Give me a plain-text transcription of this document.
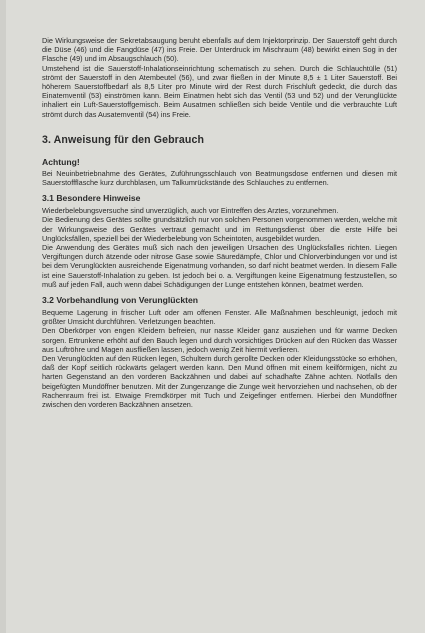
Die Wirkungsweise der Sekretabsaugung beruht ebenfalls auf dem Injektorprinzip. Der Sauerstoff geht durch die Düse (46) und die Fangdüse (47) ins Freie. Der Unterdruck im Mischraum (48) bewirkt einen Sog in der Flasche (49) und im Absaugschlauch (50).

Umstehend ist die Sauerstoff-Inhalationseinrichtung schematisch zu sehen. Durch die Schlauchtülle (51) strömt der Sauerstoff in den Atembeutel (56), und zwar fließen in der Minute 8,5 ± 1 Liter Sauerstoff. Bei höherem Sauerstoffbedarf als 8,5 Liter pro Minute wird der Rest durch Frischluft gedeckt, die durch das Einatemventil (53) einströmen kann. Beim Einatmen hebt sich das Ventil (53 und 52) und der Verunglückte inhaliert ein Luft-Sauerstoffgemisch. Beim Ausatmen schließen sich beide Ventile und die verbrauchte Luft strömt durch das Ausatemventil (54) ins Freie.

3. Anweisung für den Gebrauch
Achtung!

Bei Neuinbetriebnahme des Gerätes, Zuführungsschlauch von Beatmungsdose entfernen und diesen mit Sauerstoffflasche kurz durchblasen, um Talkumrückstände des Schlauches zu entfernen.

3.1 Besondere Hinweise

Wiederbelebungsversuche sind unverzüglich, auch vor Eintreffen des Arztes, vorzunehmen.

Die Bedienung des Gerätes sollte grundsätzlich nur von solchen Personen vorgenommen werden, welche mit der Wirkungsweise des Gerätes vertraut gemacht und im Rettungsdienst über die erste Hilfe bei Unglücksfällen, speziell bei der Wiederbelebung von Scheintoten, ausgebildet wurden.

Die Anwendung des Gerätes muß sich nach den jeweiligen Ursachen des Unglücksfalles richten. Liegen Vergiftungen durch ätzende oder nitrose Gase sowie Säuredämpfe, Chlor und Chlorverbindungen vor und ist bei dem Verunglückten ausreichende Eigenatmung vorhanden, so darf nicht beatmet werden. In diesem Falle ist eine Sauerstoff-Inhalation zu geben. Ist jedoch bei o. a. Vergiftungen keine Eigenatmung festzustellen, so muß auf jeden Fall, auch wenn dabei Schädigungen der Lunge entstehen können, beatmet werden.

3.2 Vorbehandlung von Verunglückten

Bequeme Lagerung in frischer Luft oder am offenen Fenster. Alle Maßnahmen beschleunigt, jedoch mit größter Umsicht durchführen. Verletzungen beachten.

Den Oberkörper von engen Kleidern befreien, nur nasse Kleider ganz ausziehen und für warme Decken sorgen. Ertrunkene erhöht auf den Bauch legen und durch vorsichtiges Drücken auf den Rücken das Wasser aus Luftröhre und Magen ausfließen lassen, jedoch wenig Zeit hiermit verlieren.

Den Verunglückten auf den Rücken legen, Schultern durch gerollte Decken oder Kleidungsstücke so erhöhen, daß der Kopf seitlich rückwärts gelagert werden kann. Den Mund öffnen mit einem keilförmigen, nicht zu harten Gegenstand an den vorderen Backzähnen und dabei auf schadhafte Zähne achten. Notfalls den beigefügten Mundöffner benutzen. Mit der Zungenzange die Zunge weit hervorziehen und nachsehen, ob der Rachenraum frei ist. Etwaige Fremdkörper mit Tuch und Zeigefinger entfernen. Hierbei den Mundöffner zwischen den vorderen Backzähnen ansetzen.
